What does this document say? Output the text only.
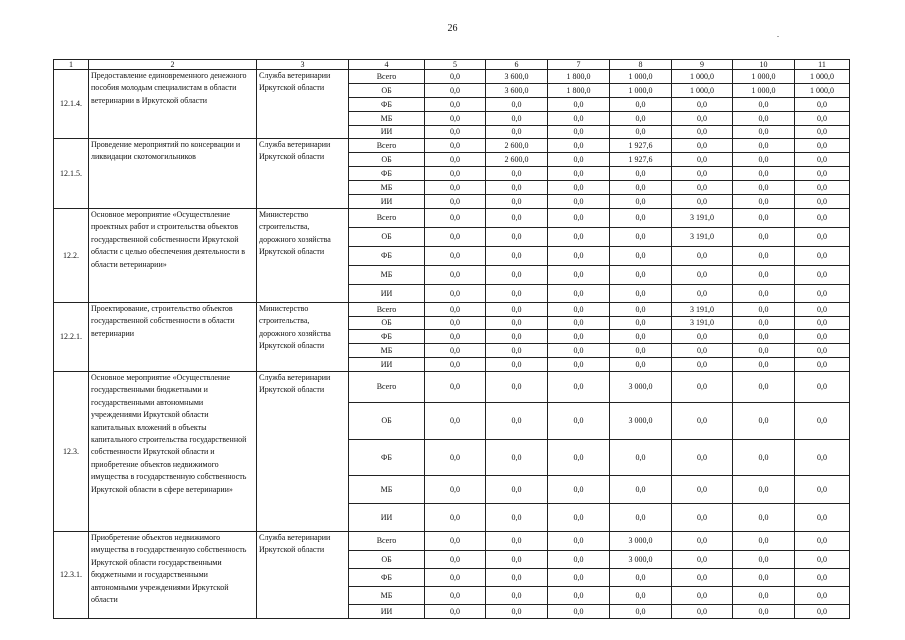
26
.
1	2	3	4	5	6	7	8	9	10	11
12.1.4.	Предоставление единовременного денежного пособия молодым специалистам в области ветеринарии в Иркутской области	Служба ветеринарии Иркутской области	Всего	0,0	3 600,0	1 800,0	1 000,0	1 000,0	1 000,0	1 000,0
			ОБ	0,0	3 600,0	1 800,0	1 000,0	1 000,0	1 000,0	1 000,0
			ФБ	0,0	0,0	0,0	0,0	0,0	0,0	0,0
			МБ	0,0	0,0	0,0	0,0	0,0	0,0	0,0
			ИИ	0,0	0,0	0,0	0,0	0,0	0,0	0,0
12.1.5.	Проведение мероприятий по консервации и ликвидации скотомогильников	Служба ветеринарии Иркутской области	Всего	0,0	2 600,0	0,0	1 927,6	0,0	0,0	0,0
			ОБ	0,0	2 600,0	0,0	1 927,6	0,0	0,0	0,0
			ФБ	0,0	0,0	0,0	0,0	0,0	0,0	0,0
			МБ	0,0	0,0	0,0	0,0	0,0	0,0	0,0
			ИИ	0,0	0,0	0,0	0,0	0,0	0,0	0,0
12.2.	Основное мероприятие «Осуществление проектных работ и строительства объектов государственной собственности Иркутской области с целью обеспечения деятельности в области ветеринарии»	Министерство строительства, дорожного хозяйства Иркутской области	Всего	0,0	0,0	0,0	0,0	3 191,0	0,0	0,0
			ОБ	0,0	0,0	0,0	0,0	3 191,0	0,0	0,0
			ФБ	0,0	0,0	0,0	0,0	0,0	0,0	0,0
			МБ	0,0	0,0	0,0	0,0	0,0	0,0	0,0
			ИИ	0,0	0,0	0,0	0,0	0,0	0,0	0,0
12.2.1.	Проектирование, строительство объектов государственной собственности в области ветеринарии	Министерство строительства, дорожного хозяйства Иркутской области	Всего	0,0	0,0	0,0	0,0	3 191,0	0,0	0,0
			ОБ	0,0	0,0	0,0	0,0	3 191,0	0,0	0,0
			ФБ	0,0	0,0	0,0	0,0	0,0	0,0	0,0
			МБ	0,0	0,0	0,0	0,0	0,0	0,0	0,0
			ИИ	0,0	0,0	0,0	0,0	0,0	0,0	0,0
12.3.	Основное мероприятие «Осуществление государственными бюджетными и государственными автономными учреждениями Иркутской области капитальных вложений в объекты капитального строительства государственной собственности Иркутской области и приобретение объектов недвижимого имущества в государственную собственность Иркутской области в сфере ветеринарии»	Служба ветеринарии Иркутской области	Всего	0,0	0,0	0,0	3 000,0	0,0	0,0	0,0
			ОБ	0,0	0,0	0,0	3 000,0	0,0	0,0	0,0
			ФБ	0,0	0,0	0,0	0,0	0,0	0,0	0,0
			МБ	0,0	0,0	0,0	0,0	0,0	0,0	0,0
			ИИ	0,0	0,0	0,0	0,0	0,0	0,0	0,0
12.3.1.	Приобретение объектов недвижимого имущества в государственную собственность Иркутской области государственными бюджетными и государственными автономными учреждениями Иркутской области	Служба ветеринарии Иркутской области	Всего	0,0	0,0	0,0	3 000,0	0,0	0,0	0,0
			ОБ	0,0	0,0	0,0	3 000,0	0,0	0,0	0,0
			ФБ	0,0	0,0	0,0	0,0	0,0	0,0	0,0
			МБ	0,0	0,0	0,0	0,0	0,0	0,0	0,0
			ИИ	0,0	0,0	0,0	0,0	0,0	0,0	0,0
